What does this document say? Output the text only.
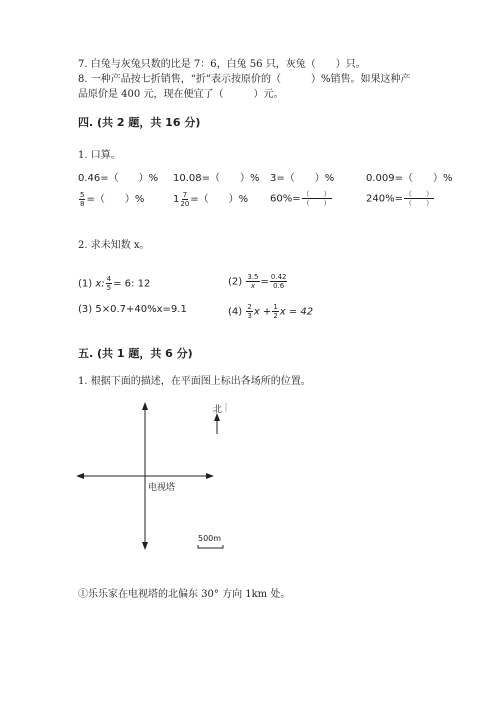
7. 白兔与灰兔只数的比是 7：6，白兔 56 只，灰兔（　　）只。
8. 一种产品按七折销售，“折”表示按原价的（　　　）%销售。如果这种产
品原价是 400 元，现在便宜了（　　　）元。
四. (共 2 题，共 16 分)
1. 口算。
0.46=（　　）% 10.08=（　　）% 3=（　　）%	0.009=（　　）%
$\frac{5}{8}$ =（　　）%	$1 \frac{7}{20}$ =（　　）% $60\%= \frac{( )}{( )}$	$240\%= \frac{( )}{( )}$
2. 求未知数 x。
(1) x: $\frac{4}{5} = 6$: 12	$(2) \frac{3.5}{x} = \frac{0.42}{0.6}$
(3) 5×0.7+40%x=9.1	$(4) \frac{2}{3}$ $x + \frac{1}{2}$ x = 42
五. (共 1 题，共 6 分)
1. 根据下面的描述，在平面图上标出各场所的位置。
电视塔
北
500m
①乐乐家在电视塔的北偏东 30° 方向 1km 处。
